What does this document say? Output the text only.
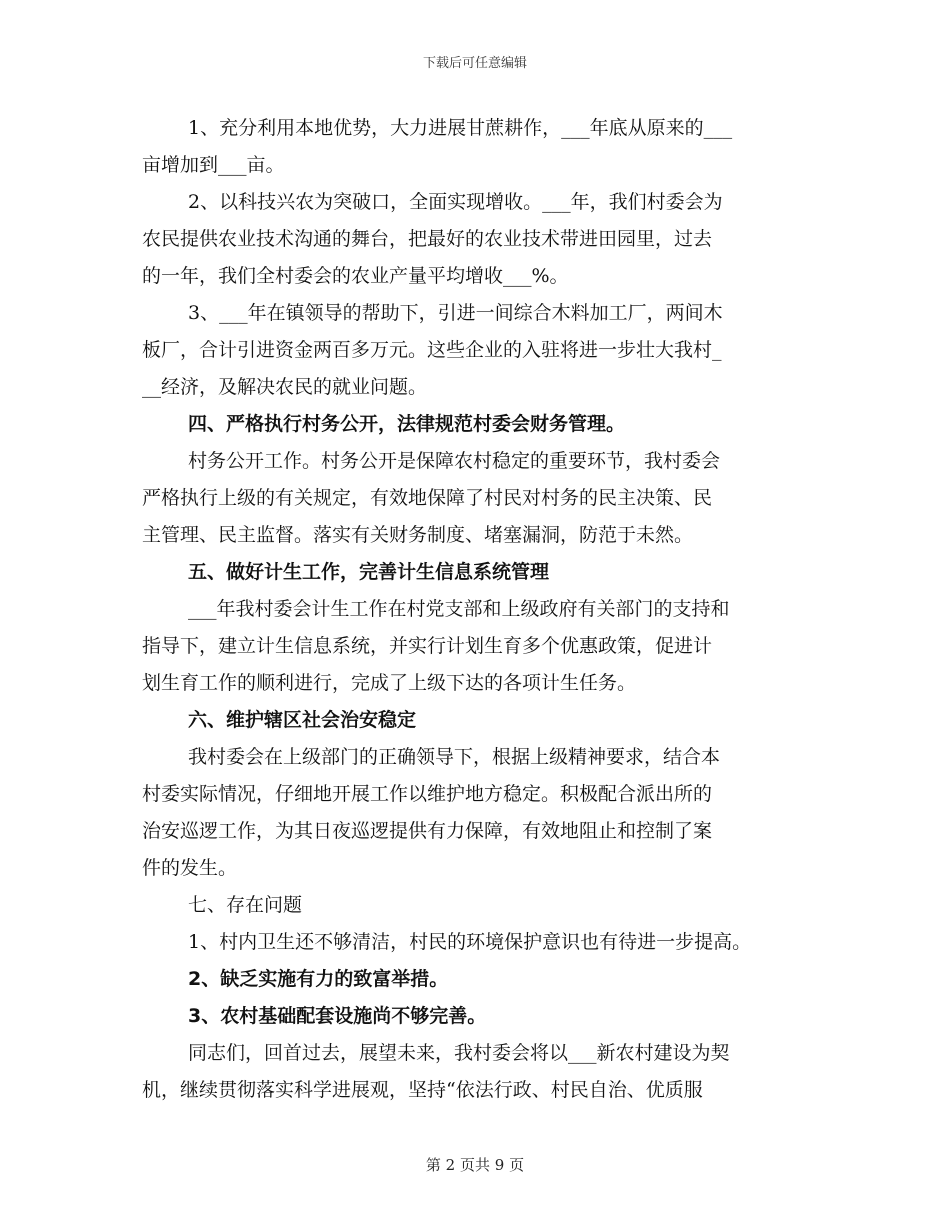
下载后可任意编辑
1、充分利用本地优势，大力进展甘蔗耕作，___年底从原来的___
亩增加到___亩。
2、以科技兴农为突破口，全面实现增收。___年，我们村委会为
农民提供农业技术沟通的舞台，把最好的农业技术带进田园里，过去
的一年，我们全村委会的农业产量平均增收___%。
3、___年在镇领导的帮助下，引进一间综合木料加工厂，两间木
板厂，合计引进资金两百多万元。这些企业的入驻将进一步壮大我村_
__经济，及解决农民的就业问题。
四、严格执行村务公开，法律规范村委会财务管理。
村务公开工作。村务公开是保障农村稳定的重要环节，我村委会
严格执行上级的有关规定，有效地保障了村民对村务的民主决策、民
主管理、民主监督。落实有关财务制度、堵塞漏洞，防范于未然。
五、做好计生工作，完善计生信息系统管理
___年我村委会计生工作在村党支部和上级政府有关部门的支持和
指导下，建立计生信息系统，并实行计划生育多个优惠政策，促进计
划生育工作的顺利进行，完成了上级下达的各项计生任务。
六、维护辖区社会治安稳定
我村委会在上级部门的正确领导下，根据上级精神要求，结合本
村委实际情况，仔细地开展工作以维护地方稳定。积极配合派出所的
治安巡逻工作，为其日夜巡逻提供有力保障，有效地阻止和控制了案
件的发生。
七、存在问题
1、村内卫生还不够清洁，村民的环境保护意识也有待进一步提高。
2、缺乏实施有力的致富举措。
3、农村基础配套设施尚不够完善。
同志们，回首过去，展望未来，我村委会将以___新农村建设为契
机，继续贯彻落实科学进展观，坚持“依法行政、村民自治、优质服
第 2 页共 9 页
